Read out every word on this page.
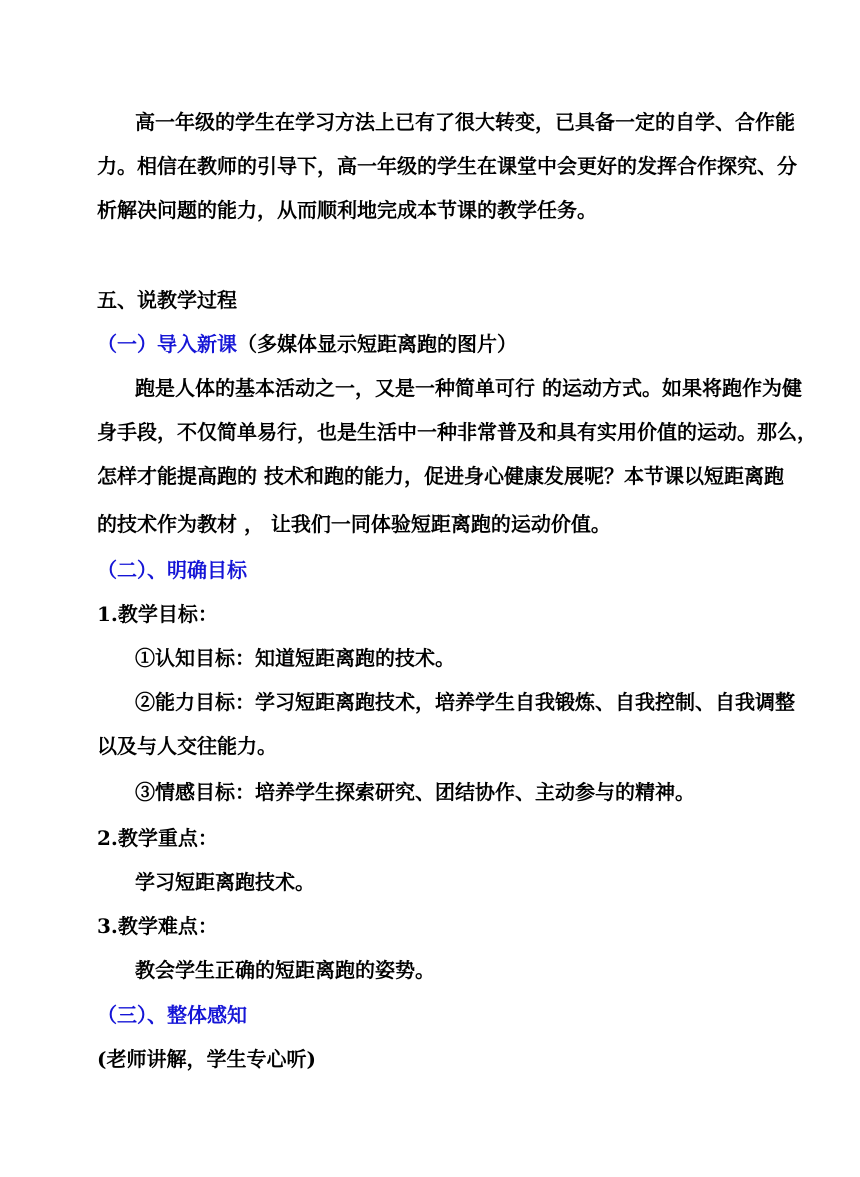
高一年级的学生在学习方法上已有了很大转变，已具备一定的自学、合作能
力。相信在教师的引导下，高一年级的学生在课堂中会更好的发挥合作探究、分
析解决问题的能力，从而顺利地完成本节课的教学任务。
五、说教学过程
（一）导入新课（多媒体显示短距离跑的图片）
跑是人体的基本活动之一，又是一种简单可行 的运动方式。如果将跑作为健
身手段，不仅简单易行，也是生活中一种非常普及和具有实用价值的运动。那么，
怎样才能提高跑的 技术和跑的能力，促进身心健康发展呢？本节课以短距离跑
的技术作为教材 ， 让我们一同体验短距离跑的运动价值。
（二）、明确目标
1.教学目标：
①认知目标：知道短距离跑的技术。
②能力目标：学习短距离跑技术，培养学生自我锻炼、自我控制、自我调整
以及与人交往能力。
③情感目标：培养学生探索研究、团结协作、主动参与的精神。
2.教学重点：
学习短距离跑技术。
3.教学难点：
教会学生正确的短距离跑的姿势。
（三）、整体感知
(老师讲解，学生专心听)
